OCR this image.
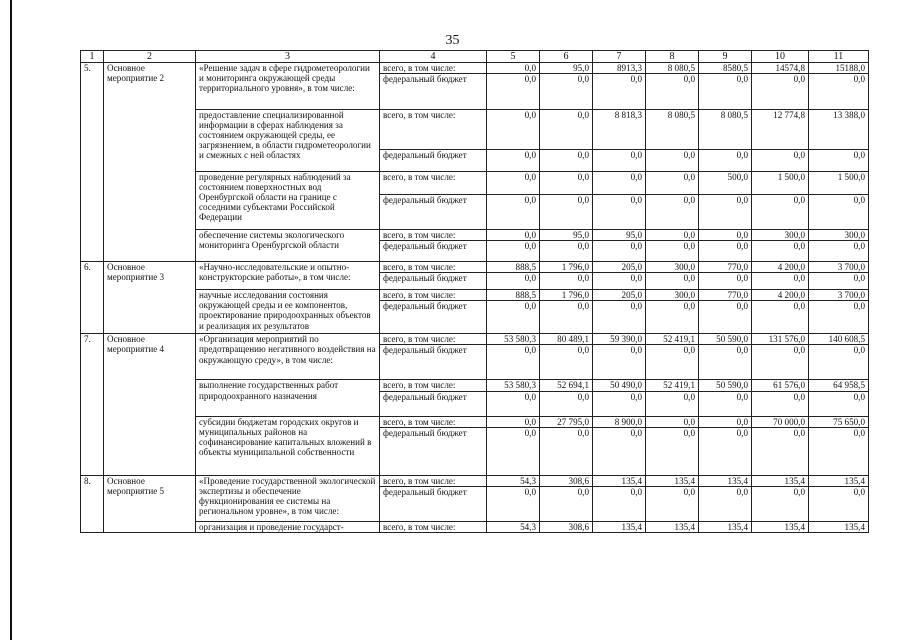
35
1	2	3	4	5	6	7	8	9	10	11
5.	Основное мероприятие 2	«Решение задач в сфере гидрометеорологии и мониторинга окружающей среды территориального уровня», в том числе:	всего, в том числе:	0,0	95,0	8913,3	8 080,5	8580,5	14574,8	15188,0
			федеральный бюджет	0,0	0,0	0,0	0,0	0,0	0,0	0,0
		предоставление специализированной информации в сферах наблюдения за состоянием окружающей среды, ее загрязнением, в области гидрометеорологии и смежных с ней областях	всего, в том числе:	0,0	0,0	8 818,3	8 080,5	8 080,5	12 774,8	13 388,0
			федеральный бюджет	0,0	0,0	0,0	0,0	0,0	0,0	0,0
		проведение регулярных наблюдений за состоянием поверхностных вод Оренбургской области на границе с соседними субъектами Российской Федерации	всего, в том числе:	0,0	0,0	0,0	0,0	500,0	1 500,0	1 500,0
			федеральный бюджет	0,0	0,0	0,0	0,0	0,0	0,0	0,0
		обеспечение системы экологического мониторинга Оренбургской области	всего, в том числе:	0,0	95,0	95,0	0,0	0,0	300,0	300,0
			федеральный бюджет	0,0	0,0	0,0	0,0	0,0	0,0	0,0
6.	Основное мероприятие 3	«Научно-исследовательские и опытно-конструкторские работы», в том числе:	всего, в том числе:	888,5	1 796,0	205,0	300,0	770,0	4 200,0	3 700,0
			федеральный бюджет	0,0	0,0	0,0	0,0	0,0	0,0	0,0
		научные исследования состояния окружающей среды и ее компонентов, проектирование природоохранных объектов и реализация их результатов	всего, в том числе:	888,5	1 796,0	205,0	300,0	770,0	4 200,0	3 700,0
			федеральный бюджет	0,0	0,0	0,0	0,0	0,0	0,0	0,0
7.	Основное мероприятие 4	«Организация мероприятий по предотвращению негативного воздействия на окружающую среду», в том числе:	всего, в том числе:	53 580,3	80 489,1	59 390,0	52 419,1	50 590,0	131 576,0	140 608,5
			федеральный бюджет	0,0	0,0	0,0	0,0	0,0	0,0	0,0
		выполнение государственных работ природоохранного назначения	всего, в том числе:	53 580,3	52 694,1	50 490,0	52 419,1	50 590,0	61 576,0	64 958,5
			федеральный бюджет	0,0	0,0	0,0	0,0	0,0	0,0	0,0
		субсидии бюджетам городских округов и муниципальных районов на софинансирование капитальных вложений в объекты муниципальной собственности	всего, в том числе:	0,0	27 795,0	8 900,0	0,0	0,0	70 000,0	75 650,0
			федеральный бюджет	0,0	0,0	0,0	0,0	0,0	0,0	0,0
8.	Основное мероприятие 5	«Проведение государственной экологической экспертизы и обеспечение функционирования ее системы на региональном уровне», в том числе:	всего, в том числе:	54,3	308,6	135,4	135,4	135,4	135,4	135,4
			федеральный бюджет	0,0	0,0	0,0	0,0	0,0	0,0	0,0
		организация и проведение государст-	всего, в том числе:	54,3	308,6	135,4	135,4	135,4	135,4	135,4
